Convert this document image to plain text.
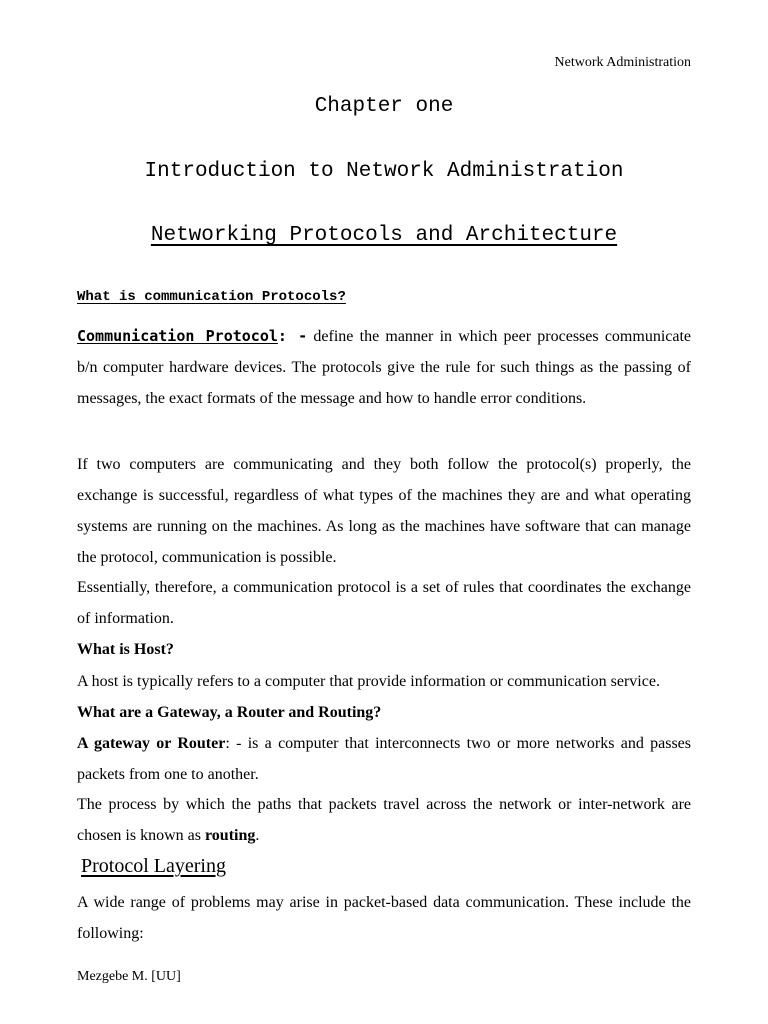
Network Administration
Chapter one
Introduction to Network Administration
Networking Protocols and Architecture
What is communication Protocols?

Communication Protocol: - define the manner in which peer processes communicate b/n computer hardware devices. The protocols give the rule for such things as the passing of messages, the exact formats of the message and how to handle error conditions.

If two computers are communicating and they both follow the protocol(s) properly, the exchange is successful, regardless of what types of the machines they are and what operating systems are running on the machines. As long as the machines have software that can manage the protocol, communication is possible.

Essentially, therefore, a communication protocol is a set of rules that coordinates the exchange of information.

What is Host?

A host is typically refers to a computer that provide information or communication service.

What are a Gateway, a Router and Routing?

A gateway or Router: - is a computer that interconnects two or more networks and passes packets from one to another.

The process by which the paths that packets travel across the network or inter-network are chosen is known as routing.

Protocol Layering

A wide range of problems may arise in packet-based data communication. These include the following:

Mezgebe M. [UU]
